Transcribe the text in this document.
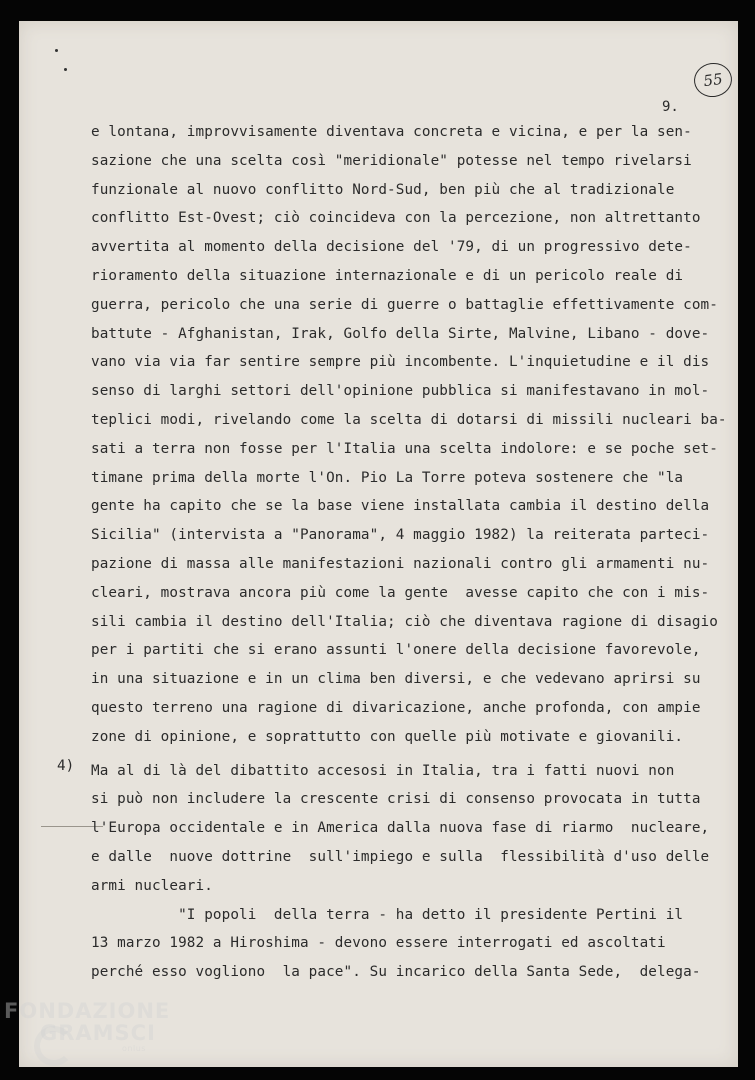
55
9.
e lontana, improvvisamente diventava concreta e vicina, e per la sen-
sazione che una scelta così "meridionale" potesse nel tempo rivelarsi
funzionale al nuovo conflitto Nord-Sud, ben più che al tradizionale
conflitto Est-Ovest; ciò coincideva con la percezione, non altrettanto
avvertita al momento della decisione del '79, di un progressivo dete-
rioramento della situazione internazionale e di un pericolo reale di
guerra, pericolo che una serie di guerre o battaglie effettivamente com-
battute - Afghanistan, Irak, Golfo della Sirte, Malvine, Libano - dove-
vano via via far sentire sempre più incombente. L'inquietudine e il dis
senso di larghi settori dell'opinione pubblica si manifestavano in mol-
teplici modi, rivelando come la scelta di dotarsi di missili nucleari ba-
sati a terra non fosse per l'Italia una scelta indolore: e se poche set-
timane prima della morte l'On. Pio La Torre poteva sostenere che "la
gente ha capito che se la base viene installata cambia il destino della
Sicilia" (intervista a "Panorama", 4 maggio 1982) la reiterata parteci-
pazione di massa alle manifestazioni nazionali contro gli armamenti nu-
cleari, mostrava ancora più come la gente  avesse capito che con i mis-
sili cambia il destino dell'Italia; ciò che diventava ragione di disagio
per i partiti che si erano assunti l'onere della decisione favorevole,
in una situazione e in un clima ben diversi, e che vedevano aprirsi su
questo terreno una ragione di divaricazione, anche profonda, con ampie
zone di opinione, e soprattutto con quelle più motivate e giovanili.
Ma al di là del dibattito accesosi in Italia, tra i fatti nuovi non
si può non includere la crescente crisi di consenso provocata in tutta
l'Europa occidentale e in America dalla nuova fase di riarmo  nucleare,
e dalle  nuove dottrine  sull'impiego e sulla  flessibilità d'uso delle
armi nucleari.
"I popoli  della terra - ha detto il presidente Pertini il
13 marzo 1982 a Hiroshima - devono essere interrogati ed ascoltati
perché esso vogliono  la pace". Su incarico della Santa Sede,  delega-
4)
FONDAZIONE
GRAMSCI
onlus
